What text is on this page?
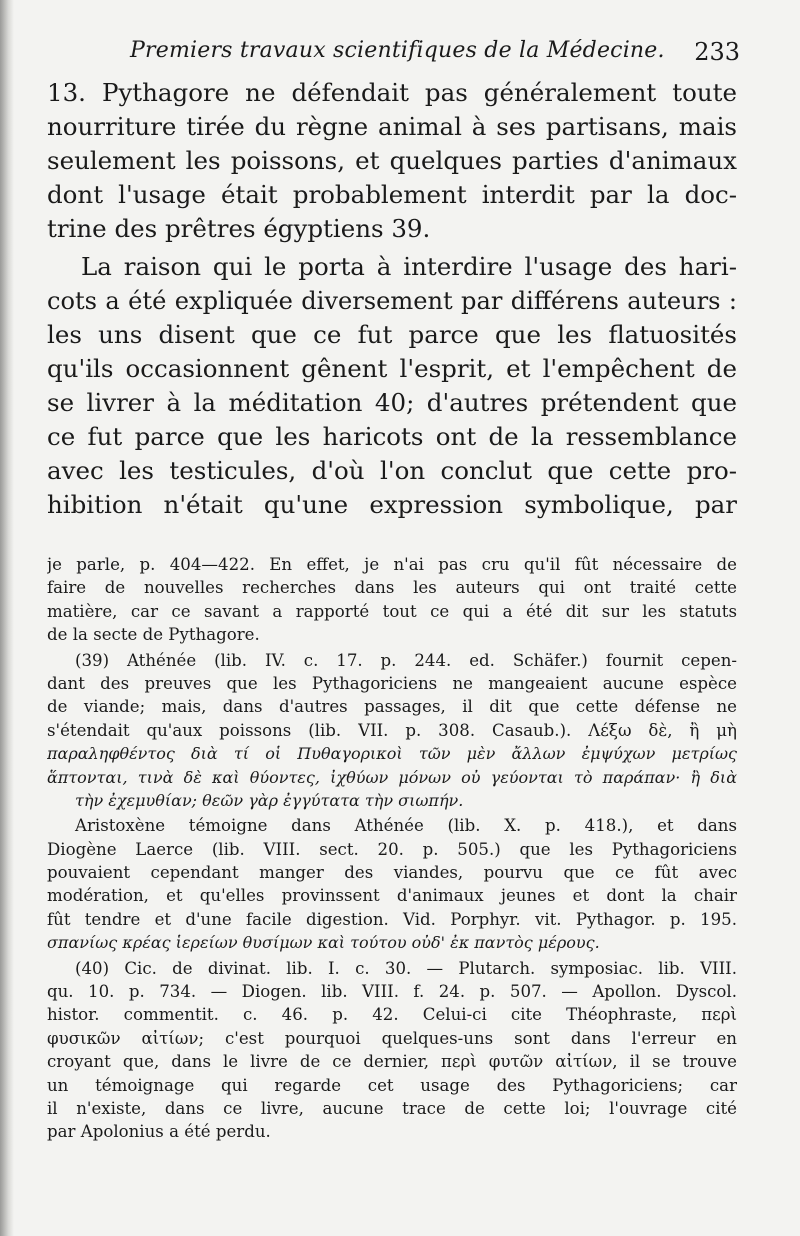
Premiers travaux scientifiques de la Médecine. 233
13. Pythagore ne défendait pas généralement toute
nourriture tirée du règne animal à ses partisans, mais
seulement les poissons, et quelques parties d'animaux
dont l'usage était probablement interdit par la doc-
trine des prêtres égyptiens 39.
La raison qui le porta à interdire l'usage des hari-
cots a été expliquée diversement par différens auteurs :
les uns disent que ce fut parce que les flatuosités
qu'ils occasionnent gênent l'esprit, et l'empêchent de
se livrer à la méditation 40; d'autres prétendent que
ce fut parce que les haricots ont de la ressemblance
avec les testicules, d'où l'on conclut que cette pro-
hibition n'était qu'une expression symbolique, par
je parle, p. 404—422. En effet, je n'ai pas cru qu'il fût nécessaire de
faire de nouvelles recherches dans les auteurs qui ont traité cette
matière, car ce savant a rapporté tout ce qui a été dit sur les statuts
de la secte de Pythagore.
(39) Athénée (lib. IV. c. 17. p. 244. ed. Schäfer.) fournit cepen-
dant des preuves que les Pythagoriciens ne mangeaient aucune espèce
de viande; mais, dans d'autres passages, il dit que cette défense ne
s'étendait qu'aux poissons (lib. VII. p. 308. Casaub.). Λέξω δὲ, ἢ μὴ
παραληφθέντος διὰ τί οἱ Πυθαγορικοὶ τῶν μὲν ἄλλων ἐμψύχων μετρίως
ἅπτονται, τινὰ δὲ καὶ θύοντες, ἰχθύων μόνων οὐ γεύονται τὸ παράπαν· ἢ διὰ
τὴν ἐχεμυθίαν; θεῶν γὰρ ἐγγύτατα τὴν σιωπήν.
Aristoxène témoigne dans Athénée (lib. X. p. 418.), et dans
Diogène Laerce (lib. VIII. sect. 20. p. 505.) que les Pythagoriciens
pouvaient cependant manger des viandes, pourvu que ce fût avec
modération, et qu'elles provinssent d'animaux jeunes et dont la chair
fût tendre et d'une facile digestion. Vid. Porphyr. vit. Pythagor. p. 195.
σπανίως κρέας ἱερείων θυσίμων καὶ τούτου οὐδ' ἐκ παντὸς μέρους.
(40) Cic. de divinat. lib. I. c. 30. — Plutarch. symposiac. lib. VIII.
qu. 10. p. 734. — Diogen. lib. VIII. f. 24. p. 507. — Apollon. Dyscol.
histor. commentit. c. 46. p. 42. Celui-ci cite Théophraste, περὶ
φυσικῶν αἰτίων; c'est pourquoi quelques-uns sont dans l'erreur en
croyant que, dans le livre de ce dernier, περὶ φυτῶν αἰτίων, il se trouve
un témoignage qui regarde cet usage des Pythagoriciens; car
il n'existe, dans ce livre, aucune trace de cette loi; l'ouvrage cité
par Apolonius a été perdu.
